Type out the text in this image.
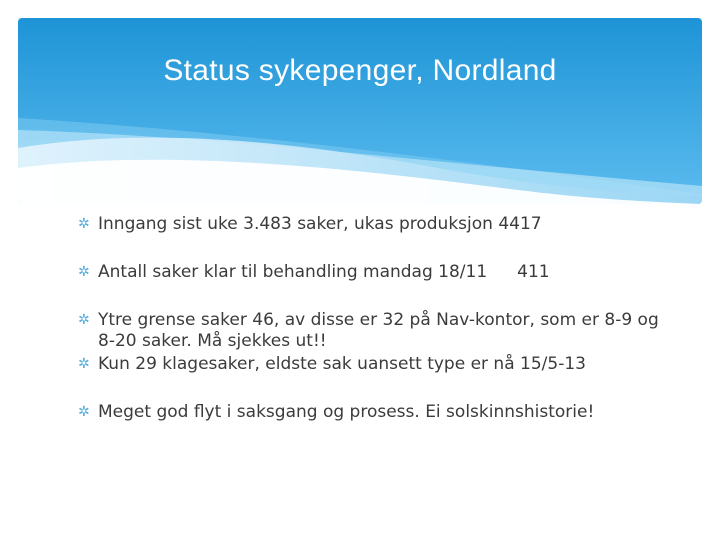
Status sykepenger, Nordland
✲ Inngang sist uke 3.483 saker, ukas produksjon 4417
✲ Antall saker klar til behandling mandag 18/11 411
✲ Ytre grense saker 46, av disse er 32 på Nav-kontor, som er 8-9 og 8-20 saker. Må sjekkes ut!!
✲ Kun 29 klagesaker, eldste sak uansett type er nå 15/5-13
✲ Meget god flyt i saksgang og prosess. Ei solskinnshistorie!
